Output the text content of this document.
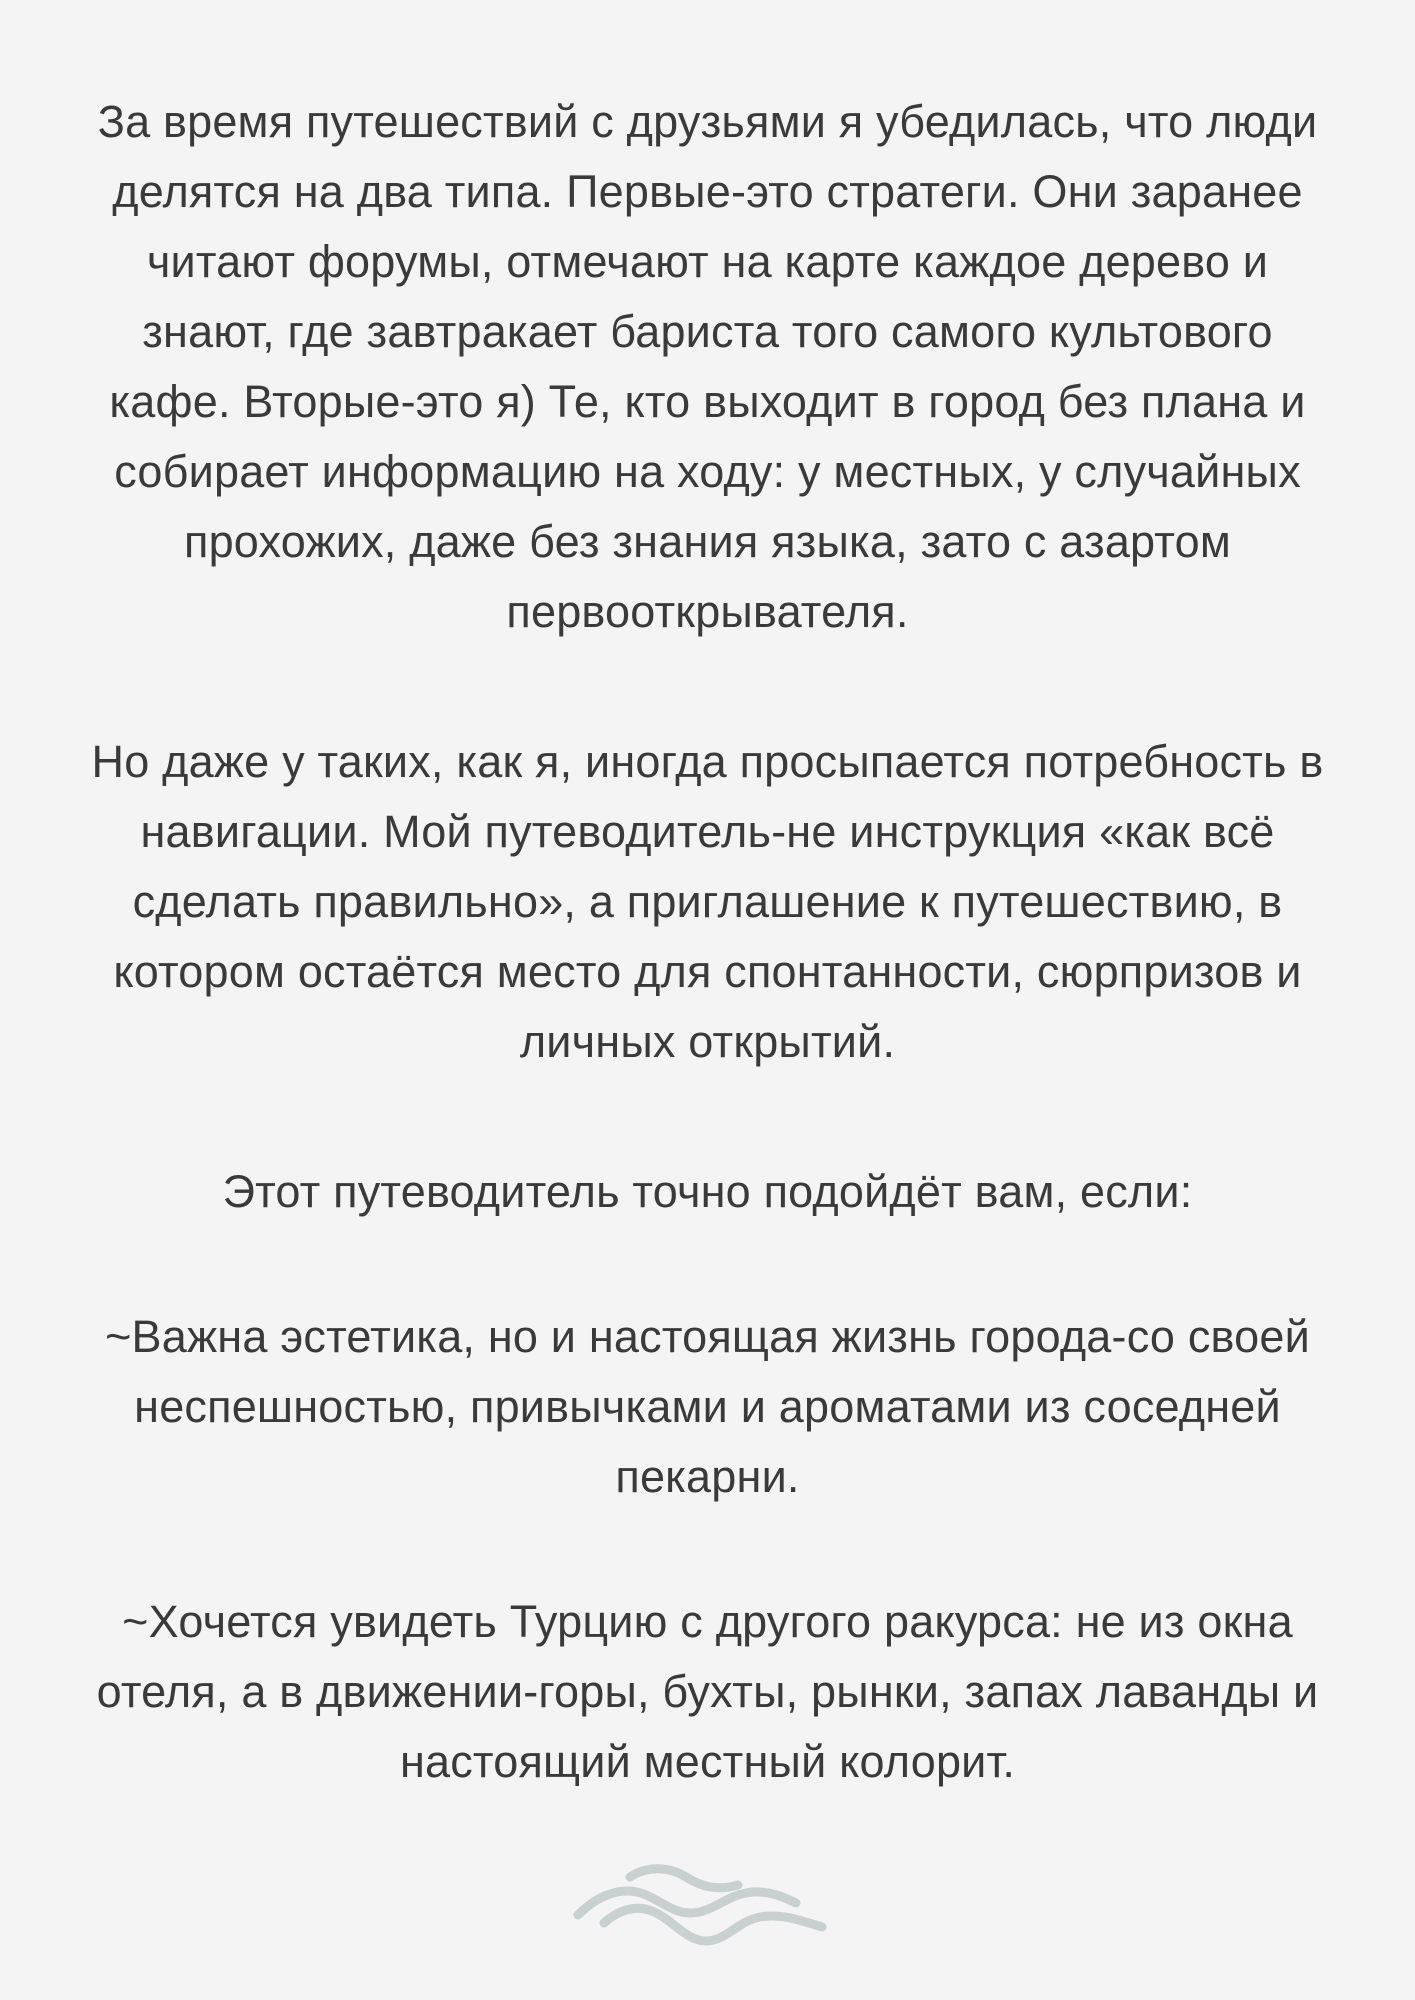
За время путешествий с друзьями я убедилась, что люди
делятся на два типа. Первые-это стратеги. Они заранее
читают форумы, отмечают на карте каждое дерево и
знают, где завтракает бариста того самого культового
кафе. Вторые-это я) Те, кто выходит в город без плана и
собирает информацию на ходу: у местных, у случайных
прохожих, даже без знания языка, зато с азартом
первооткрывателя.

Но даже у таких, как я, иногда просыпается потребность в
навигации. Мой путеводитель-не инструкция «как всё
сделать правильно», а приглашение к путешествию, в
котором остаётся место для спонтанности, сюрпризов и
личных открытий.

Этот путеводитель точно подойдёт вам, если:

~Важна эстетика, но и настоящая жизнь города-со своей
неспешностью, привычками и ароматами из соседней
пекарни.

~Хочется увидеть Турцию с другого ракурса: не из окна
отеля, а в движении-горы, бухты, рынки, запах лаванды и
настоящий местный колорит.
